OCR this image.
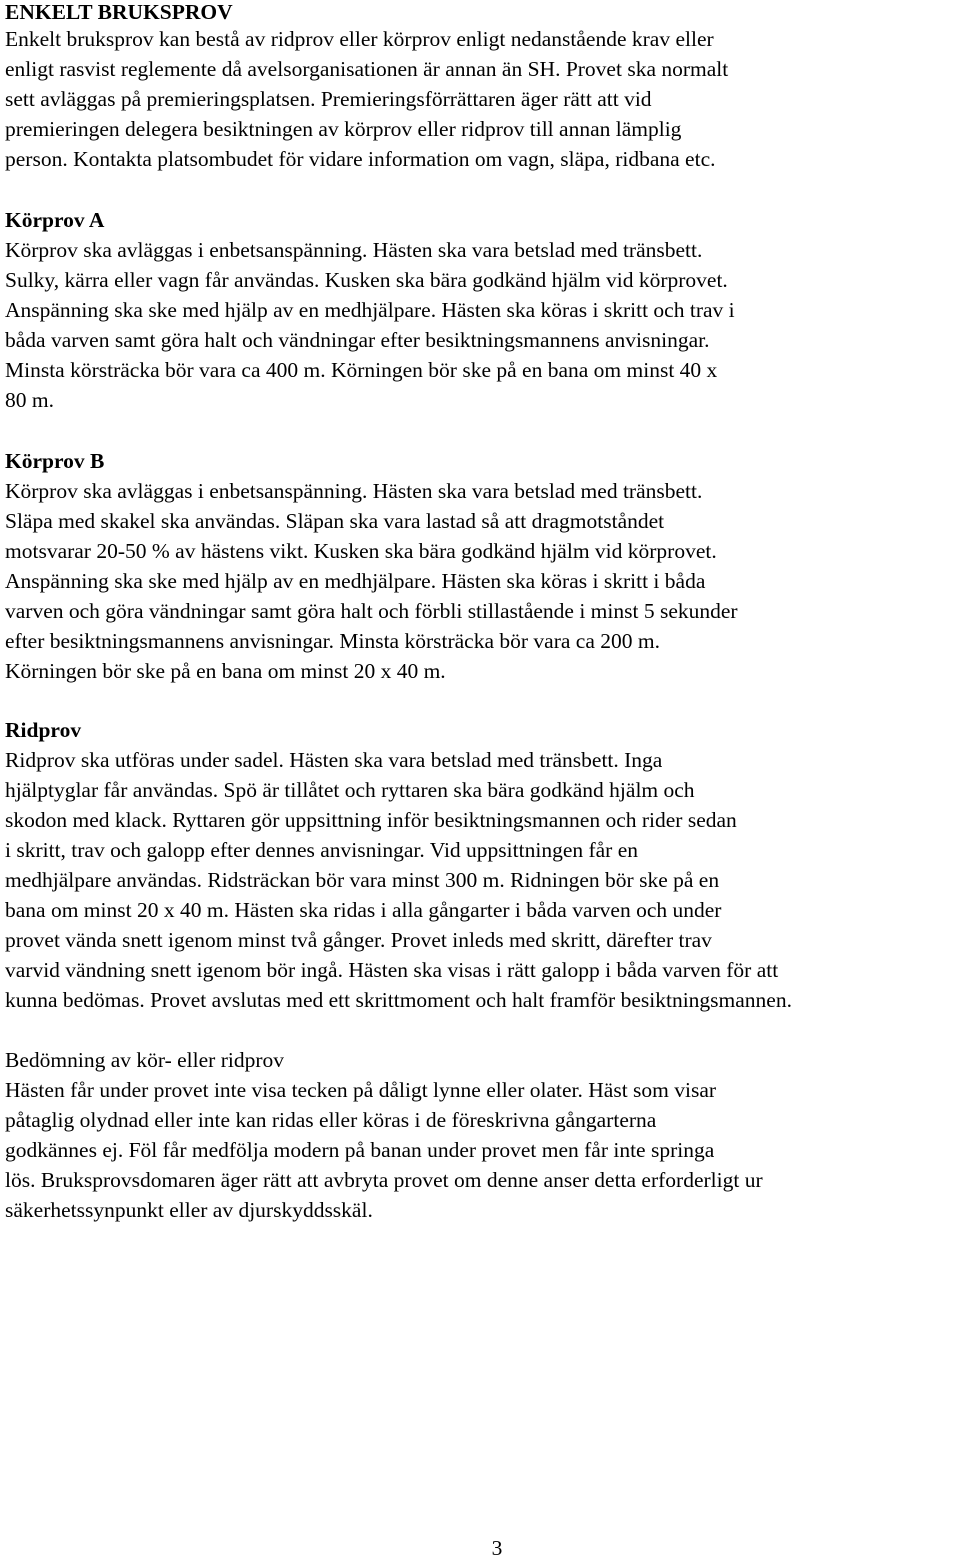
ENKELT BRUKSPROV
Enkelt bruksprov kan bestå av ridprov eller körprov enligt nedanstående krav eller
enligt rasvist reglemente då avelsorganisationen är annan än SH. Provet ska normalt
sett avläggas på premieringsplatsen. Premieringsförrättaren äger rätt att vid
premieringen delegera besiktningen av körprov eller ridprov till annan lämplig
person. Kontakta platsombudet för vidare information om vagn, släpa, ridbana etc.
Körprov A
Körprov ska avläggas i enbetsanspänning. Hästen ska vara betslad med tränsbett.
Sulky, kärra eller vagn får användas. Kusken ska bära godkänd hjälm vid körprovet.
Anspänning ska ske med hjälp av en medhjälpare. Hästen ska köras i skritt och trav i
båda varven samt göra halt och vändningar efter besiktningsmannens anvisningar.
Minsta körsträcka bör vara ca 400 m. Körningen bör ske på en bana om minst 40 x
80 m.
Körprov B
Körprov ska avläggas i enbetsanspänning. Hästen ska vara betslad med tränsbett.
Släpa med skakel ska användas. Släpan ska vara lastad så att dragmotståndet
motsvarar 20-50 % av hästens vikt. Kusken ska bära godkänd hjälm vid körprovet.
Anspänning ska ske med hjälp av en medhjälpare. Hästen ska köras i skritt i båda
varven och göra vändningar samt göra halt och förbli stillastående i minst 5 sekunder
efter besiktningsmannens anvisningar. Minsta körsträcka bör vara ca 200 m.
Körningen bör ske på en bana om minst 20 x 40 m.
Ridprov
Ridprov ska utföras under sadel. Hästen ska vara betslad med tränsbett. Inga
hjälptyglar får användas. Spö är tillåtet och ryttaren ska bära godkänd hjälm och
skodon med klack. Ryttaren gör uppsittning inför besiktningsmannen och rider sedan
i skritt, trav och galopp efter dennes anvisningar. Vid uppsittningen får en
medhjälpare användas. Ridsträckan bör vara minst 300 m. Ridningen bör ske på en
bana om minst 20 x 40 m. Hästen ska ridas i alla gångarter i båda varven och under
provet vända snett igenom minst två gånger. Provet inleds med skritt, därefter trav
varvid vändning snett igenom bör ingå. Hästen ska visas i rätt galopp i båda varven för att
kunna bedömas. Provet avslutas med ett skrittmoment och halt framför besiktningsmannen.
Bedömning av kör- eller ridprov
Hästen får under provet inte visa tecken på dåligt lynne eller olater. Häst som visar
påtaglig olydnad eller inte kan ridas eller köras i de föreskrivna gångarterna
godkännes ej. Föl får medfölja modern på banan under provet men får inte springa
lös. Bruksprovsdomaren äger rätt att avbryta provet om denne anser detta erforderligt ur
säkerhetssynpunkt eller av djurskyddsskäl.
3
